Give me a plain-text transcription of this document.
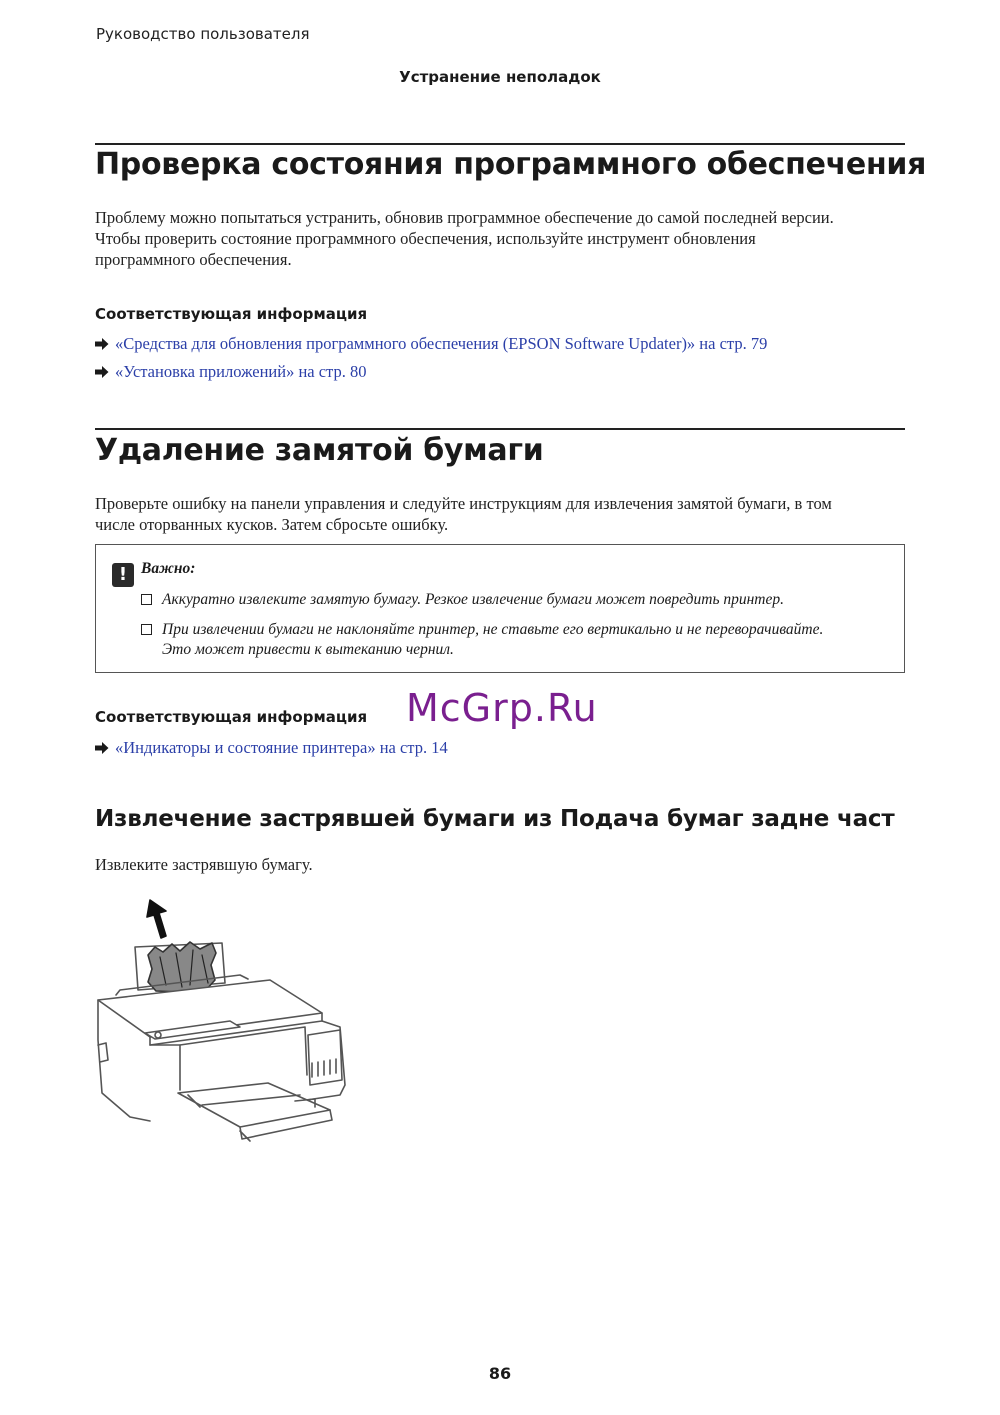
Руководство пользователя
Устранение неполадок
Проверка состояния программного обеспечения
Проблему можно попытаться устранить, обновив программное обеспечение до самой последней версии.
Чтобы проверить состояние программного обеспечения, используйте инструмент обновления
программного обеспечения.
Соответствующая информация
«Средства для обновления программного обеспечения (EPSON Software Updater)» на стр. 79
«Установка приложений» на стр. 80
Удаление замятой бумаги
Проверьте ошибку на панели управления и следуйте инструкциям для извлечения замятой бумаги, в том
числе оторванных кусков. Затем сбросьте ошибку.
! Важно:
Аккуратно извлеките замятую бумагу. Резкое извлечение бумаги может повредить принтер.
При извлечении бумаги не наклоняйте принтер, не ставьте его вертикально и не переворачивайте.
Это может привести к вытеканию чернил.
Соответствующая информация McGrp.Ru
«Индикаторы и состояние принтера» на стр. 14
Извлечение застрявшей бумаги из Подача бумаг задне част
Извлеките застрявшую бумагу.
86
